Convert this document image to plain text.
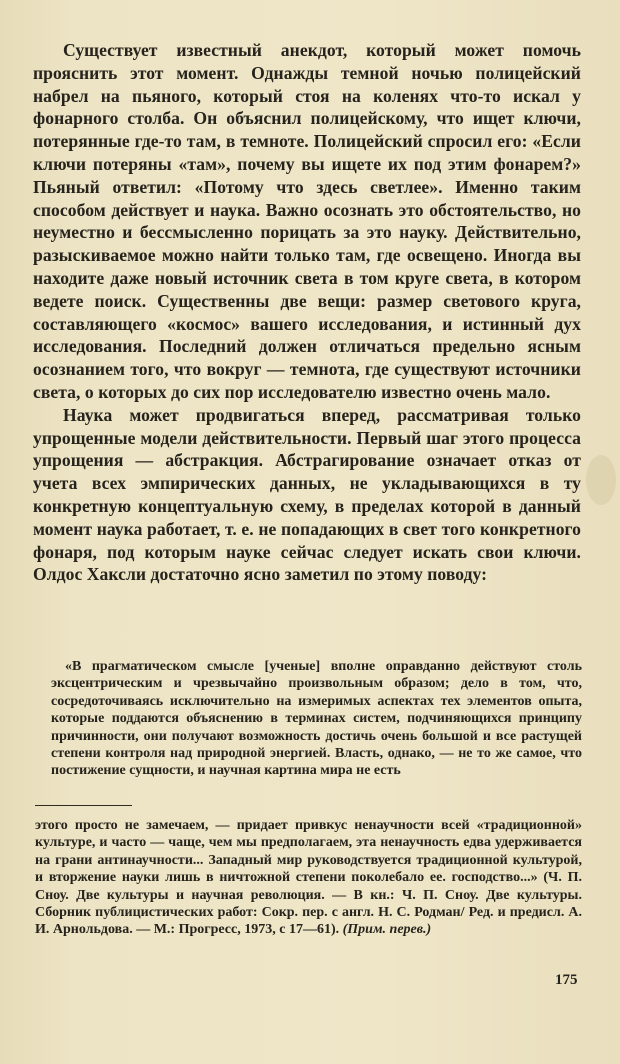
Существует известный анекдот, который может помочь прояснить этот момент. Однажды темной ночью полицейский набрел на пьяного, который стоя на коленях что-то искал у фонарного столба. Он объяснил полицейскому, что ищет ключи, потерянные где-то там, в темноте. Полицейский спросил его: «Если ключи потеряны «там», почему вы ищете их под этим фонарем?» Пьяный ответил: «Потому что здесь светлее». Именно таким способом действует и наука. Важно осознать это обстоятельство, но неуместно и бессмысленно порицать за это науку. Действительно, разыскиваемое можно найти только там, где освещено. Иногда вы находите даже новый источник света в том круге света, в котором ведете поиск. Существенны две вещи: размер светового круга, составляющего «космос» вашего исследования, и истинный дух исследования. Последний должен отличаться предельно ясным осознанием того, что вокруг — темнота, где существуют источники света, о которых до сих пор исследователю известно очень мало.

Наука может продвигаться вперед, рассматривая только упрощенные модели действительности. Первый шаг этого процесса упрощения — абстракция. Абстрагирование означает отказ от учета всех эмпирических данных, не укладывающихся в ту конкретную концептуальную схему, в пределах которой в данный момент наука работает, т. е. не попадающих в свет того конкретного фонаря, под которым науке сейчас следует искать свои ключи. Олдос Хаксли достаточно ясно заметил по этому поводу:

«В прагматическом смысле [ученые] вполне оправданно действуют столь эксцентрическим и чрезвычайно произвольным образом; дело в том, что, сосредоточиваясь исключительно на измеримых аспектах тех элементов опыта, которые поддаются объяснению в терминах систем, подчиняющихся принципу причинности, они получают возможность достичь очень большой и все растущей степени контроля над природной энергией. Власть, однако, — не то же самое, что постижение сущности, и научная картина мира не есть

этого просто не замечаем, — придает привкус ненаучности всей «традиционной» культуре, и часто — чаще, чем мы предполагаем, эта ненаучность едва удерживается на грани антинаучности... Западный мир руководствуется традиционной культурой, и вторжение науки лишь в ничтожной степени поколебало ее. господство...» (Ч. П. Сноу. Две культуры и научная революция. — В кн.: Ч. П. Сноу. Две культуры. Сборник публицистических работ: Сокр. пер. с англ. Н. С. Родман/ Ред. и предисл. А. И. Арнольдова. — М.: Прогресс, 1973, с 17—61). (Прим. перев.)

175
